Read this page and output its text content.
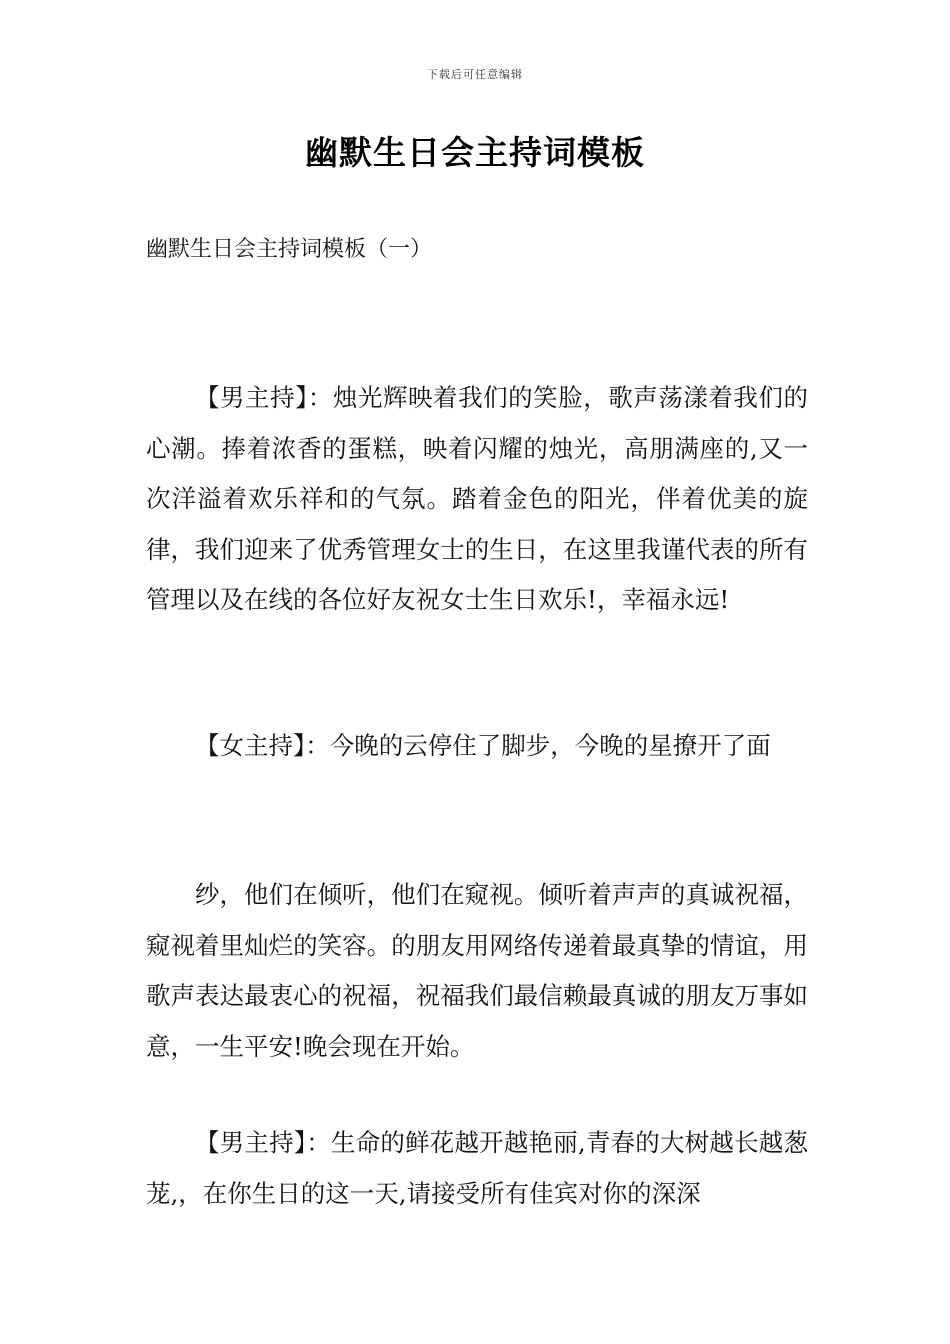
下载后可任意编辑
幽默生日会主持词模板
幽默生日会主持词模板（一）

【男主持】：烛光辉映着我们的笑脸，歌声荡漾着我们的心潮。捧着浓香的蛋糕，映着闪耀的烛光，高朋满座的,又一次洋溢着欢乐祥和的气氛。踏着金色的阳光，伴着优美的旋律，我们迎来了优秀管理女士的生日，在这里我谨代表的所有管理以及在线的各位好友祝女士生日欢乐!，幸福永远!

【女主持】：今晚的云停住了脚步，今晚的星撩开了面

纱，他们在倾听，他们在窥视。倾听着声声的真诚祝福，窥视着里灿烂的笑容。的朋友用网络传递着最真挚的情谊，用歌声表达最衷心的祝福，祝福我们最信赖最真诚的朋友万事如意，一生平安!晚会现在开始。

【男主持】：生命的鲜花越开越艳丽,青春的大树越长越葱茏,，在你生日的这一天,请接受所有佳宾对你的深深
